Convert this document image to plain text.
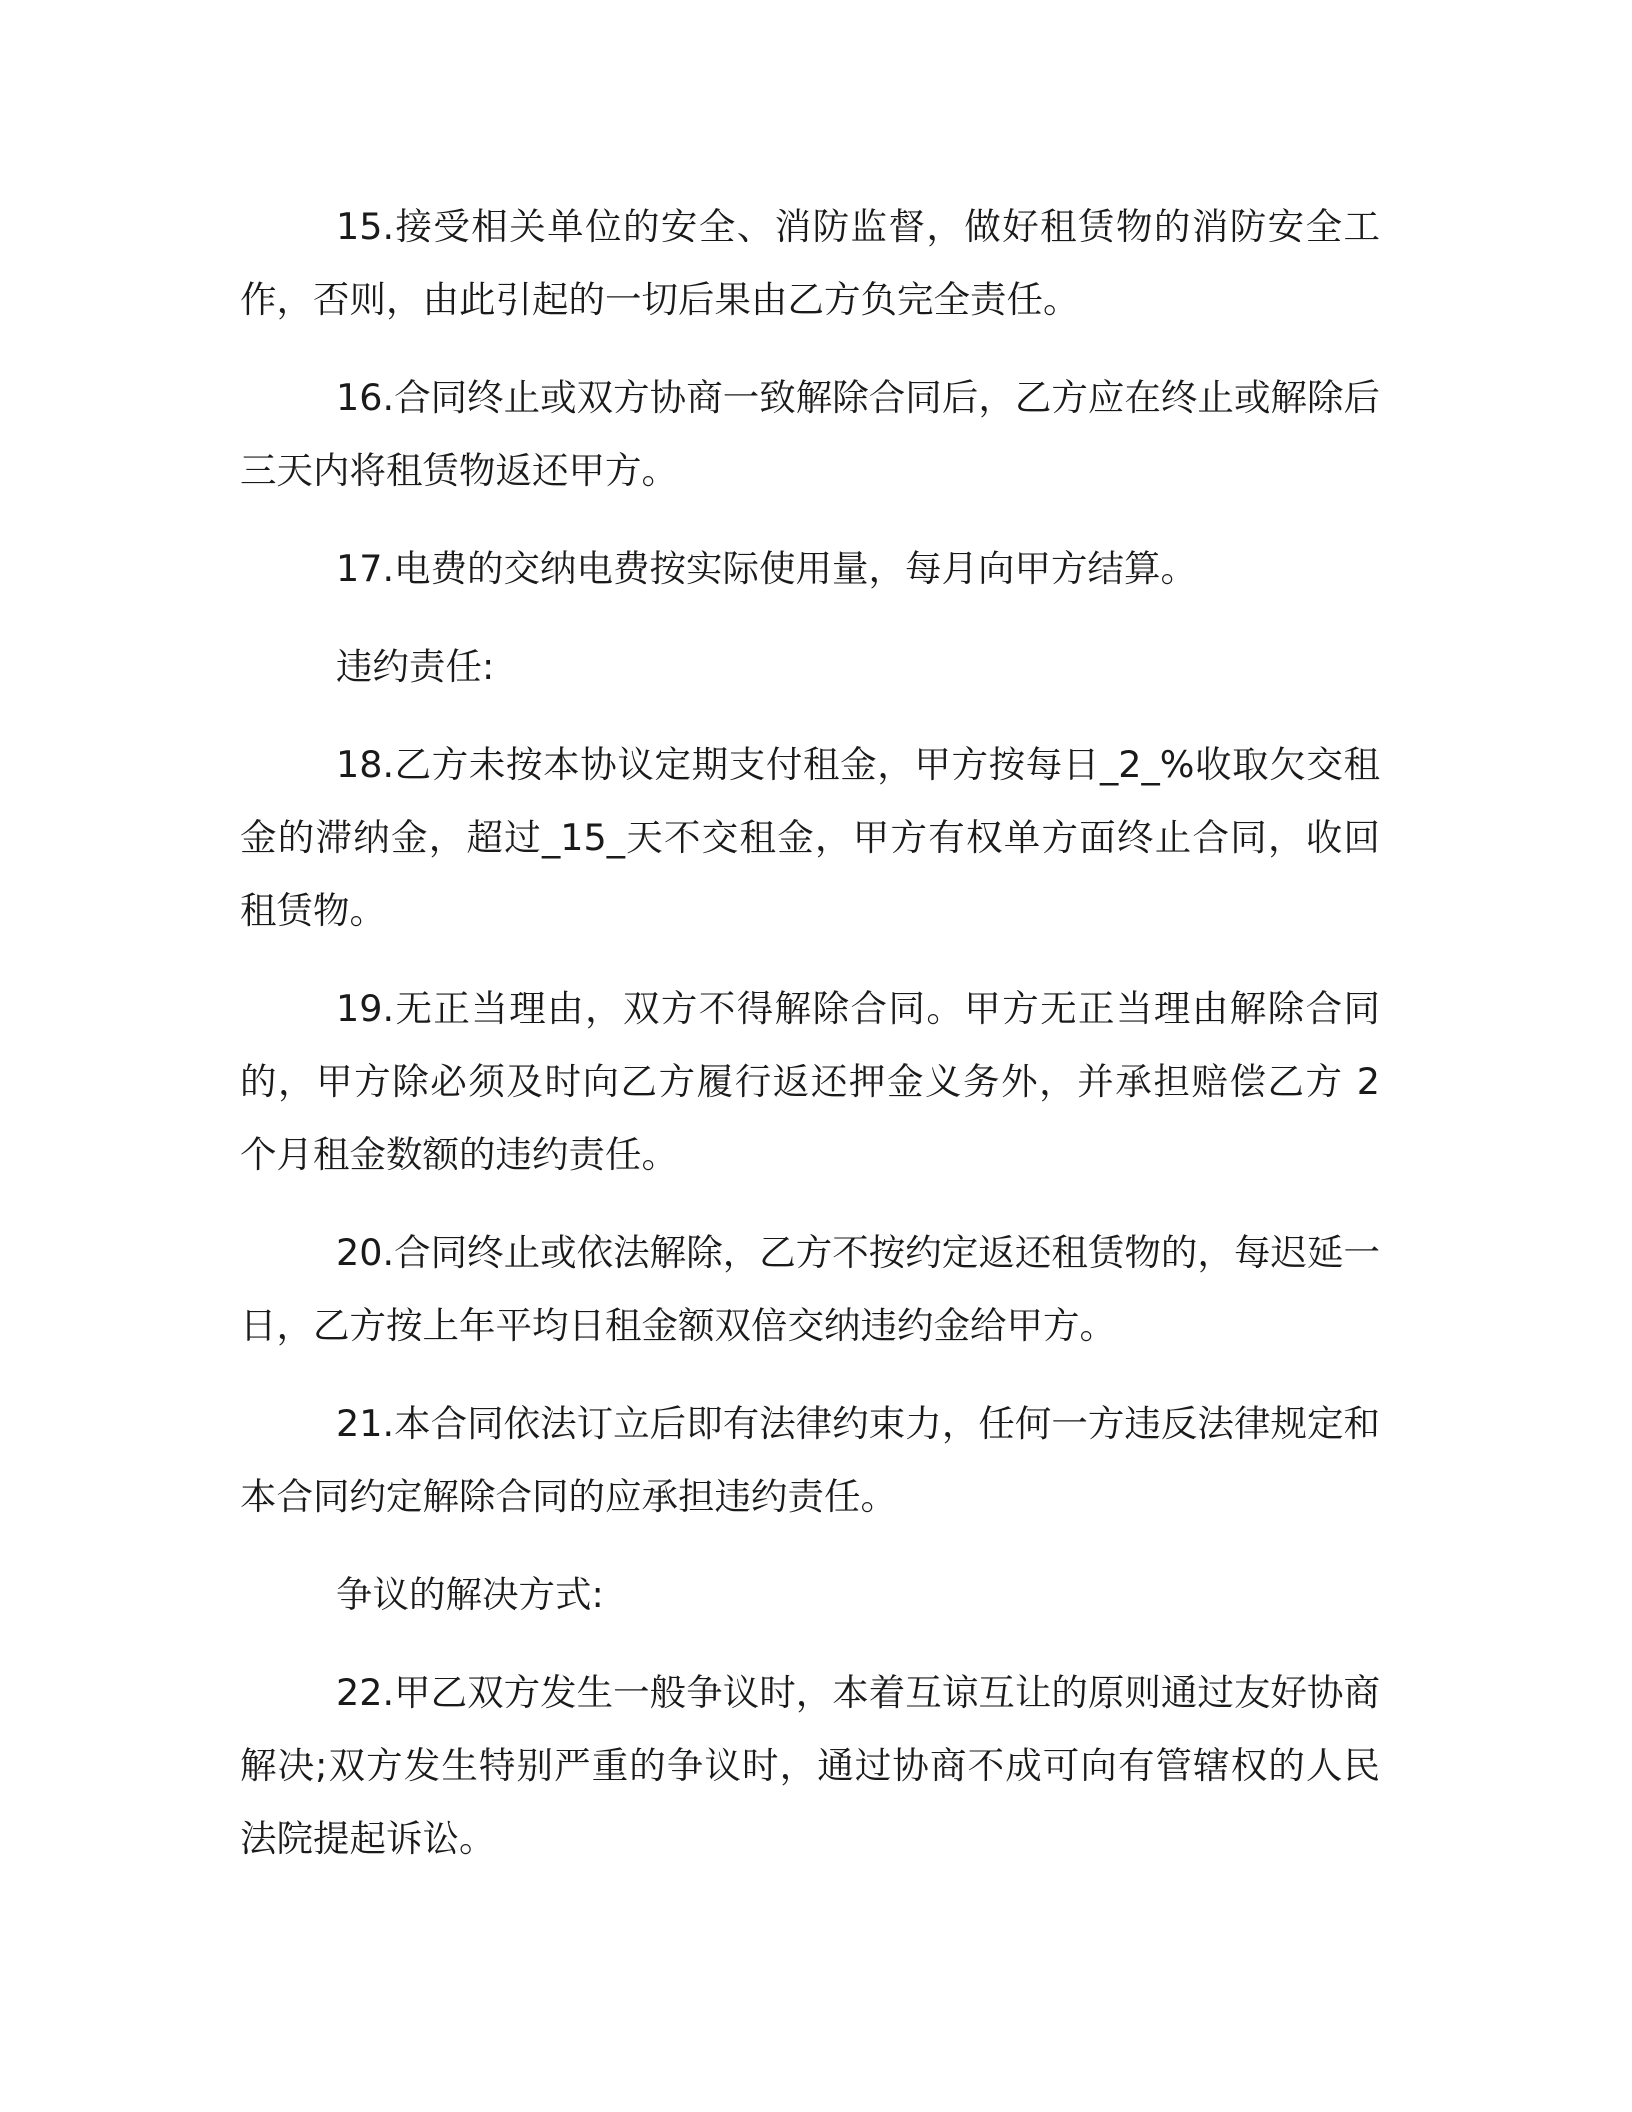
15.接受相关单位的安全、消防监督，做好租赁物的消防安全工作，否则，由此引起的一切后果由乙方负完全责任。

16.合同终止或双方协商一致解除合同后，乙方应在终止或解除后三天内将租赁物返还甲方。

17.电费的交纳电费按实际使用量，每月向甲方结算。

违约责任:

18.乙方未按本协议定期支付租金，甲方按每日_2_%收取欠交租金的滞纳金，超过_15_天不交租金，甲方有权单方面终止合同，收回租赁物。

19.无正当理由，双方不得解除合同。甲方无正当理由解除合同的，甲方除必须及时向乙方履行返还押金义务外，并承担赔偿乙方 2 个月租金数额的违约责任。

20.合同终止或依法解除，乙方不按约定返还租赁物的，每迟延一日，乙方按上年平均日租金额双倍交纳违约金给甲方。

21.本合同依法订立后即有法律约束力，任何一方违反法律规定和本合同约定解除合同的应承担违约责任。

争议的解决方式:

22.甲乙双方发生一般争议时，本着互谅互让的原则通过友好协商解决;双方发生特别严重的争议时，通过协商不成可向有管辖权的人民法院提起诉讼。
